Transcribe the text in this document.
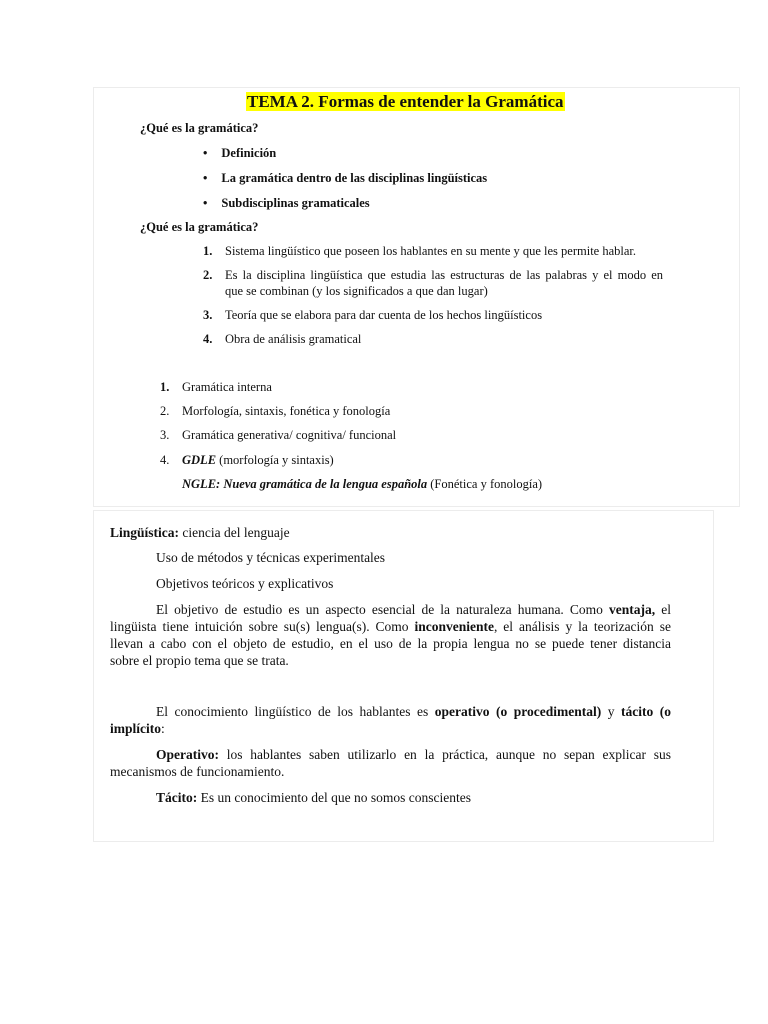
TEMA 2. Formas de entender la Gramática
¿Qué es la gramática?
• Definición
• La gramática dentro de las disciplinas lingüísticas
• Subdisciplinas gramaticales
¿Qué es la gramática?
1. Sistema lingüístico que poseen los hablantes en su mente y que les permite hablar.
2.	Es la disciplina lingüística que estudia las estructuras de las palabras y el modo en
que se combinan (y los significados a que dan lugar)
3. Teoría que se elabora para dar cuenta de los hechos lingüísticos
4. Obra de análisis gramatical
1. Gramática interna
2. Morfología, sintaxis, fonética y fonología
3. Gramática generativa/ cognitiva/ funcional
4. GDLE (morfología y sintaxis)
NGLE: Nueva gramática de la lengua española (Fonética y fonología)
Lingüística: ciencia del lenguaje
Uso de métodos y técnicas experimentales
Objetivos teóricos y explicativos
El objetivo de estudio es un aspecto esencial de la naturaleza humana. Como ventaja, el
lingüista tiene intuición sobre su(s) lengua(s). Como inconveniente, el análisis y la teorización se
llevan a cabo con el objeto de estudio, en el uso de la propia lengua no se puede tener distancia
sobre el propio tema que se trata.
El conocimiento lingüístico de los hablantes es operativo (o procedimental) y tácito (o
implícito:
Operativo: los hablantes saben utilizarlo en la práctica, aunque no sepan explicar sus
mecanismos de funcionamiento.
Tácito: Es un conocimiento del que no somos conscientes
